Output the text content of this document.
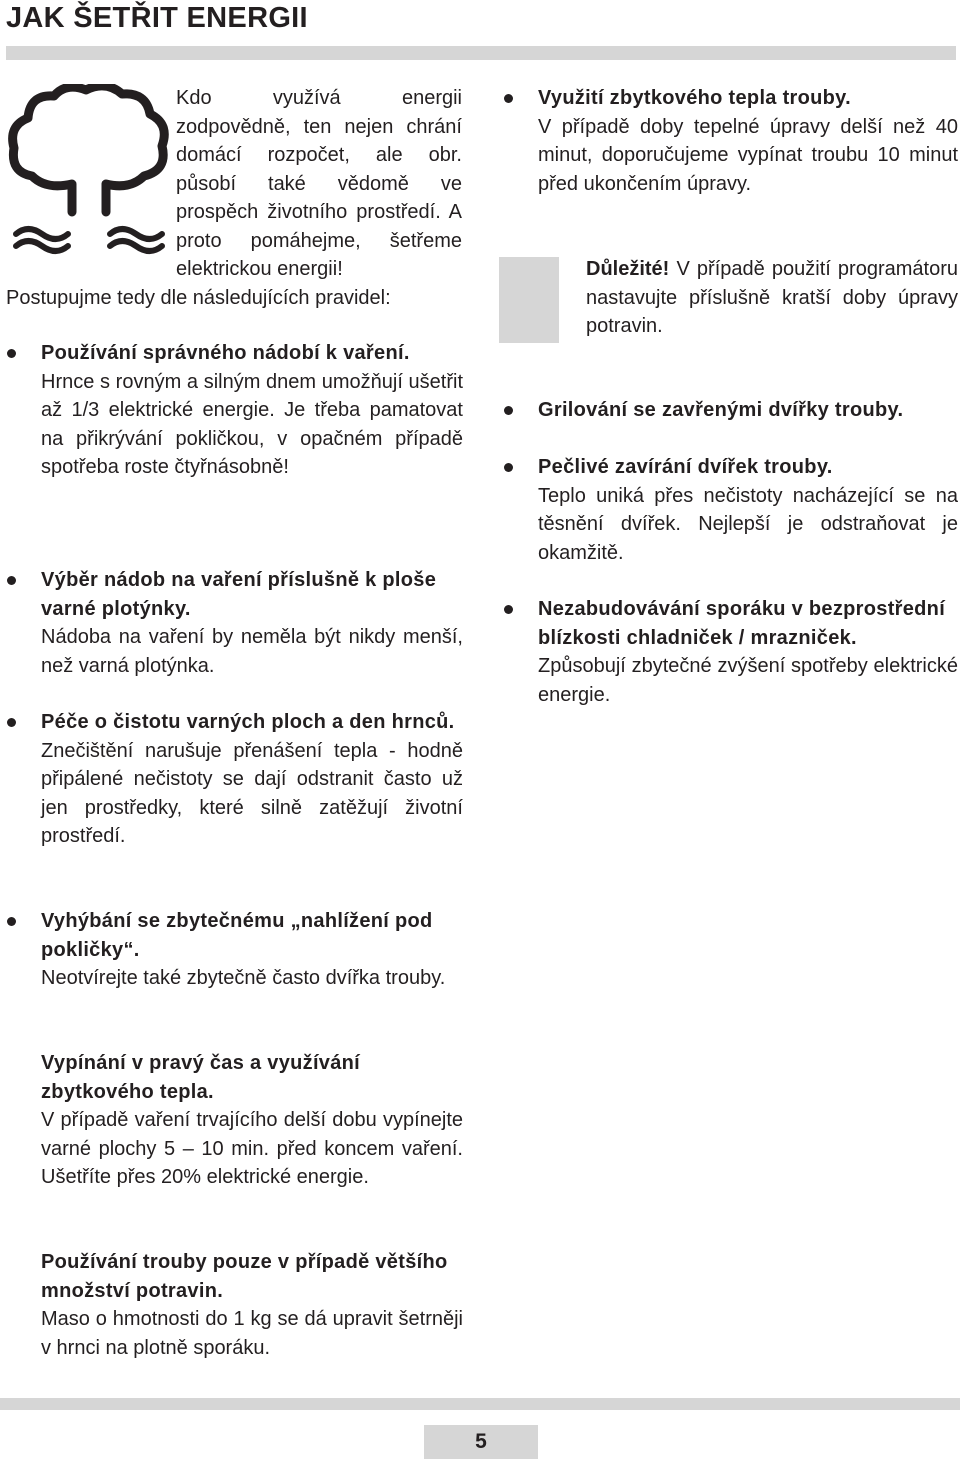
JAK ŠETŘIT ENERGII

Kdo využívá energii zodpovědně, ten nejen chrání domácí rozpočet, ale obr. působí také vědomě ve prospěch životního prostředí. A proto pomáhejme, šetřeme elektrickou energii!

Postupujme tedy dle následujících pravidel:

Používání správného nádobí k vaření.
Hrnce s rovným a silným dnem umožňují ušetřit až 1/3 elektrické energie. Je třeba pamatovat na přikrývání pokličkou, v opačném případě spotřeba roste čtyřnásobně!
Výběr nádob na vaření příslušně k ploše varné plotýnky.
Nádoba na vaření by neměla být nikdy menší, než varná plotýnka.
Péče o čistotu varných ploch a den hrnců.
Znečištění narušuje přenášení tepla - hodně připálené nečistoty se dají odstranit často už jen prostředky, které silně zatěžují životní prostředí.
Vyhýbání se zbytečnému „nahlížení pod pokličky“.
Neotvírejte také zbytečně často dvířka trouby.
Vypínání v pravý čas a využívání zbytkového tepla.
V případě vaření trvajícího delší dobu vypínejte varné plochy 5 – 10 min. před koncem vaření. Ušetříte přes 20% elektrické energie.
Používání trouby pouze v případě většího množství potravin.
Maso o hmotnosti do 1 kg se dá upravit šetrněji v hrnci na plotně sporáku.
Využití zbytkového tepla trouby.
V případě doby tepelné úpravy delší než 40 minut, doporučujeme vypínat troubu 10 minut před ukončením úpravy.

Důležité! V případě použití programátoru nastavujte příslušně kratší doby úpravy potravin.

Grilování se zavřenými dvířky trouby.
Pečlivé zavírání dvířek trouby.
Teplo uniká přes nečistoty nacházející se na těsnění dvířek. Nejlepší je odstraňovat je okamžitě.
Nezabudovávání sporáku v bezprostřední blízkosti chladniček / mrazniček.
Způsobují zbytečné zvýšení spotřeby elektrické energie.
5
